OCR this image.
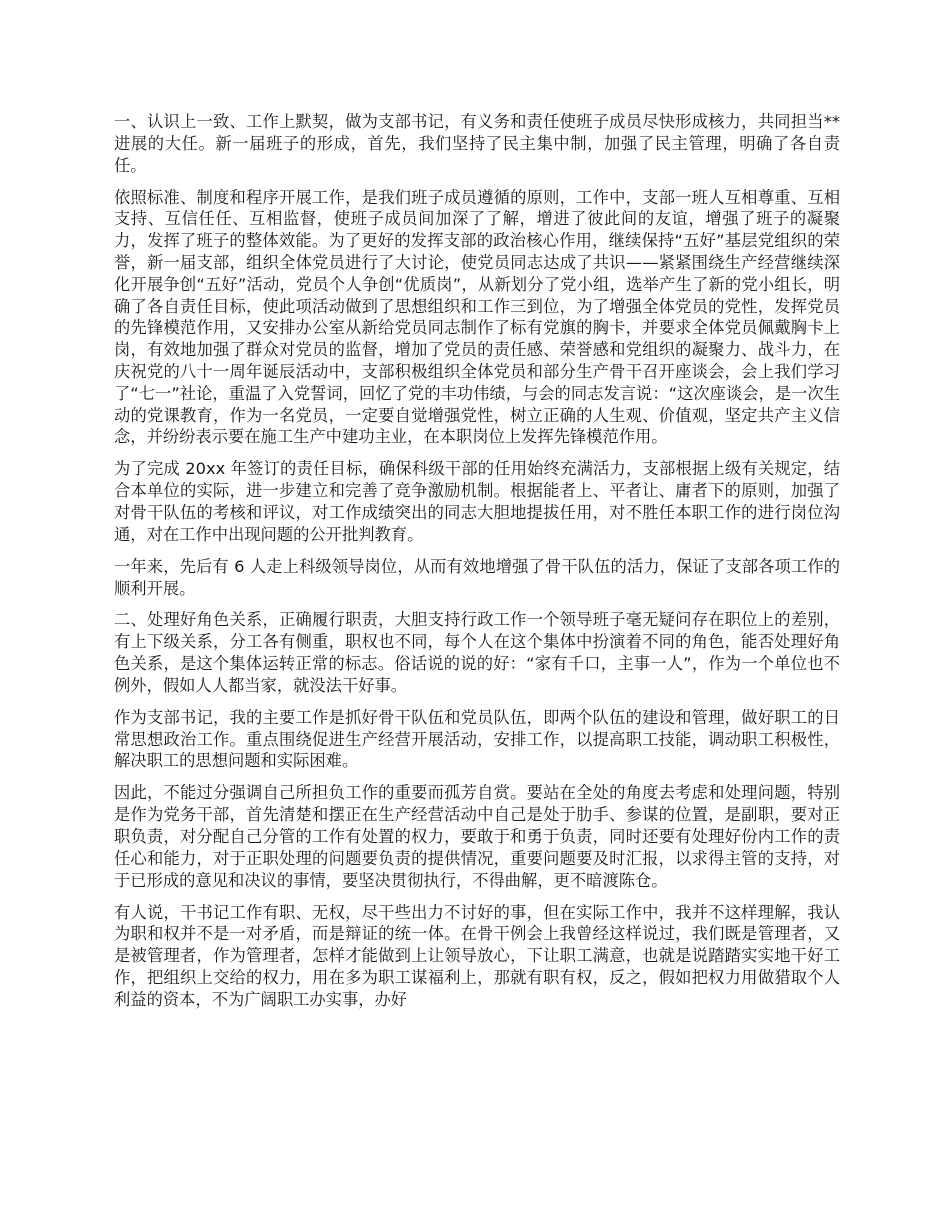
一、认识上一致、工作上默契，做为支部书记，有义务和责任使班子成员尽快形成核力，共同担当**进展的大任。新一届班子的形成，首先，我们坚持了民主集中制，加强了民主管理，明确了各自责任。

依照标准、制度和程序开展工作，是我们班子成员遵循的原则，工作中，支部一班人互相尊重、互相支持、互信任任、互相监督，使班子成员间加深了了解，增进了彼此间的友谊，增强了班子的凝聚力，发挥了班子的整体效能。为了更好的发挥支部的政治核心作用，继续保持“五好”基层党组织的荣誉，新一届支部，组织全体党员进行了大讨论，使党员同志达成了共识——紧紧围绕生产经营继续深化开展争创“五好”活动，党员个人争创“优质岗”，从新划分了党小组，选举产生了新的党小组长，明确了各自责任目标，使此项活动做到了思想组织和工作三到位，为了增强全体党员的党性，发挥党员的先锋模范作用，又安排办公室从新给党员同志制作了标有党旗的胸卡，并要求全体党员佩戴胸卡上岗，有效地加强了群众对党员的监督，增加了党员的责任感、荣誉感和党组织的凝聚力、战斗力，在庆祝党的八十一周年诞辰活动中，支部积极组织全体党员和部分生产骨干召开座谈会，会上我们学习了“七一”社论，重温了入党誓词，回忆了党的丰功伟绩，与会的同志发言说：“这次座谈会，是一次生动的党课教育，作为一名党员，一定要自觉增强党性，树立正确的人生观、价值观，坚定共产主义信念，并纷纷表示要在施工生产中建功主业，在本职岗位上发挥先锋模范作用。

为了完成 20xx 年签订的责任目标，确保科级干部的任用始终充满活力，支部根据上级有关规定，结合本单位的实际，进一步建立和完善了竞争激励机制。根据能者上、平者让、庸者下的原则，加强了对骨干队伍的考核和评议，对工作成绩突出的同志大胆地提拔任用，对不胜任本职工作的进行岗位沟通，对在工作中出现问题的公开批判教育。

一年来，先后有 6 人走上科级领导岗位，从而有效地增强了骨干队伍的活力，保证了支部各项工作的顺利开展。

二、处理好角色关系，正确履行职责，大胆支持行政工作一个领导班子毫无疑问存在职位上的差别，有上下级关系，分工各有侧重，职权也不同，每个人在这个集体中扮演着不同的角色，能否处理好角色关系，是这个集体运转正常的标志。俗话说的说的好：“家有千口，主事一人”，作为一个单位也不例外，假如人人都当家，就没法干好事。

作为支部书记，我的主要工作是抓好骨干队伍和党员队伍，即两个队伍的建设和管理，做好职工的日常思想政治工作。重点围绕促进生产经营开展活动，安排工作，以提高职工技能，调动职工积极性，解决职工的思想问题和实际困难。

因此，不能过分强调自己所担负工作的重要而孤芳自赏。要站在全处的角度去考虑和处理问题，特别是作为党务干部，首先清楚和摆正在生产经营活动中自己是处于肋手、参谋的位置，是副职，要对正职负责，对分配自己分管的工作有处置的权力，要敢于和勇于负责，同时还要有处理好份内工作的责任心和能力，对于正职处理的问题要负责的提供情况，重要问题要及时汇报，以求得主管的支持，对于已形成的意见和决议的事情，要坚决贯彻执行，不得曲解，更不暗渡陈仓。

有人说，干书记工作有职、无权，尽干些出力不讨好的事，但在实际工作中，我并不这样理解，我认为职和权并不是一对矛盾，而是辩证的统一体。在骨干例会上我曾经这样说过，我们既是管理者，又是被管理者，作为管理者，怎样才能做到上让领导放心，下让职工满意，也就是说踏踏实实地干好工作，把组织上交给的权力，用在多为职工谋福利上，那就有职有权，反之，假如把权力用做猎取个人利益的资本，不为广阔职工办实事，办好
